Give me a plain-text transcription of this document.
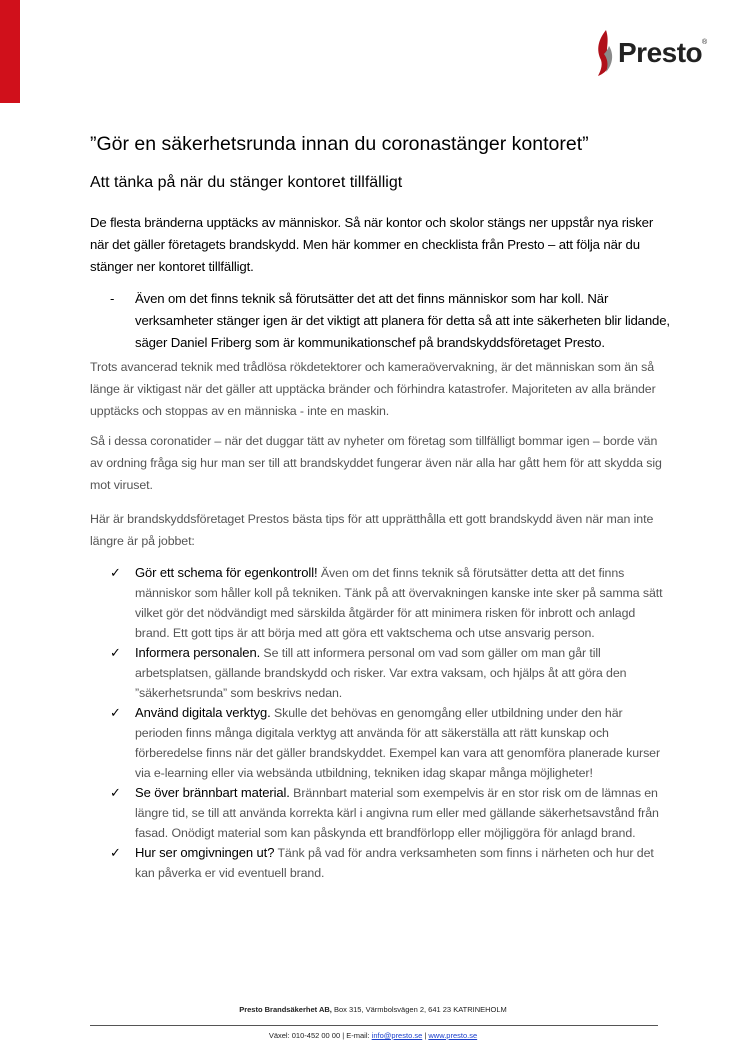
Presto ®
”Gör en säkerhetsrunda innan du coronastänger kontoret”
Att tänka på när du stänger kontoret tillfälligt

De flesta bränderna upptäcks av människor. Så när kontor och skolor stängs ner uppstår nya risker när det gäller företagets brandskydd. Men här kommer en checklista från Presto – att följa när du stänger ner kontoret tillfälligt.

-	Även om det finns teknik så förutsätter det att det finns människor som har koll. När verksamheter stänger igen är det viktigt att planera för detta så att inte säkerheten blir lidande, säger Daniel Friberg som är kommunikationschef på brandskyddsföretaget Presto.

Trots avancerad teknik med trådlösa rökdetektorer och kameraövervakning, är det människan som än så länge är viktigast när det gäller att upptäcka bränder och förhindra katastrofer. Majoriteten av alla bränder upptäcks och stoppas av en människa - inte en maskin.

Så i dessa coronatider – när det duggar tätt av nyheter om företag som tillfälligt bommar igen – borde vän av ordning fråga sig hur man ser till att brandskyddet fungerar även när alla har gått hem för att skydda sig mot viruset.

Här är brandskyddsföretaget Prestos bästa tips för att upprätthålla ett gott brandskydd även när man inte längre är på jobbet:

✓ Gör ett schema för egenkontroll! Även om det finns teknik så förutsätter detta att det finns människor som håller koll på tekniken. Tänk på att övervakningen kanske inte sker på samma sätt vilket gör det nödvändigt med särskilda åtgärder för att minimera risken för inbrott och anlagd brand. Ett gott tips är att börja med att göra ett vaktschema och utse ansvarig person.
✓ Informera personalen. Se till att informera personal om vad som gäller om man går till arbetsplatsen, gällande brandskydd och risker. Var extra vaksam, och hjälps åt att göra den ”säkerhetsrunda” som beskrivs nedan.
✓ Använd digitala verktyg. Skulle det behövas en genomgång eller utbildning under den här perioden finns många digitala verktyg att använda för att säkerställa att rätt kunskap och förberedelse finns när det gäller brandskyddet. Exempel kan vara att genomföra planerade kurser via e-learning eller via websända utbildning, tekniken idag skapar många möjligheter!
✓ Se över brännbart material. Brännbart material som exempelvis är en stor risk om de lämnas en längre tid, se till att använda korrekta kärl i angivna rum eller med gällande säkerhetsavstånd från fasad. Onödigt material som kan påskynda ett brandförlopp eller möjliggöra för anlagd brand.
✓ Hur ser omgivningen ut? Tänk på vad för andra verksamheten som finns i närheten och hur det kan påverka er vid eventuell brand.
Presto Brandsäkerhet AB, Box 315, Värmbolsvägen 2, 641 23 KATRINEHOLM
Växel: 010-452 00 00 | E-mail: info@presto.se | www.presto.se
